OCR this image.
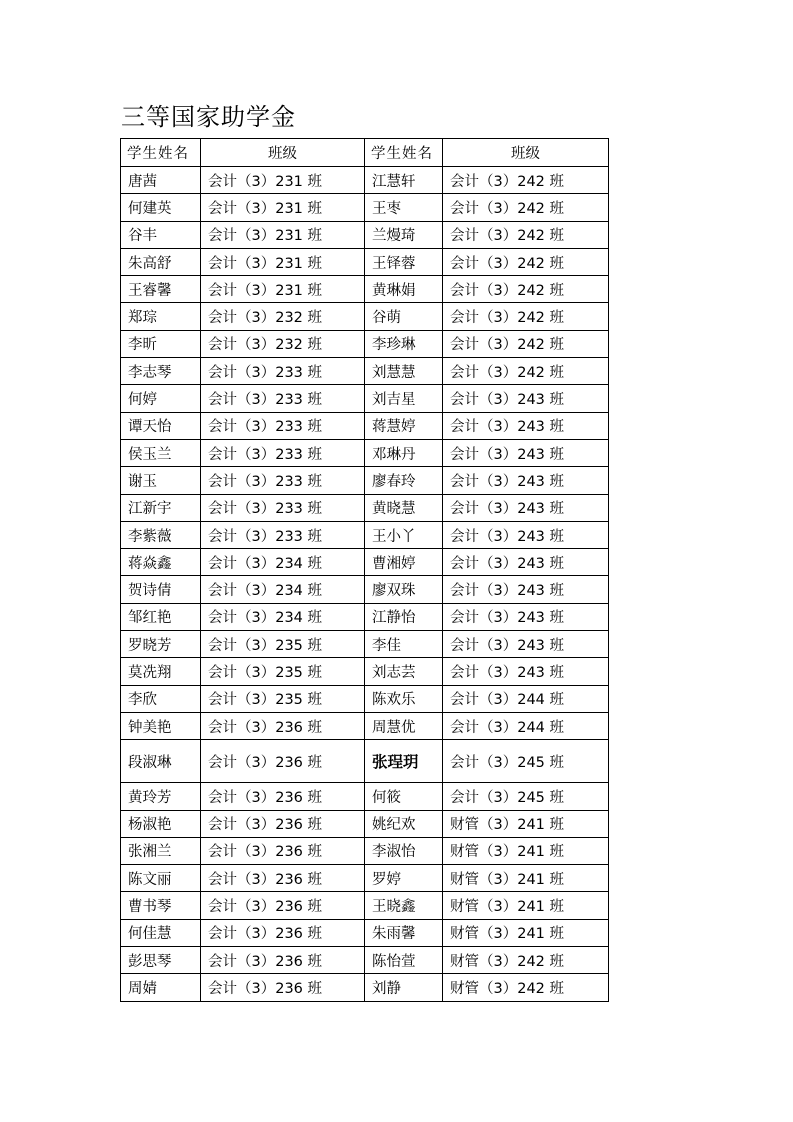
三等国家助学金
学生姓名	班级	学生姓名	班级
唐茜	会计（3）231 班	江慧轩	会计（3）242 班
何建英	会计（3）231 班	王枣	会计（3）242 班
谷丰	会计（3）231 班	兰熳琦	会计（3）242 班
朱高舒	会计（3）231 班	王铎蓉	会计（3）242 班
王睿馨	会计（3）231 班	黄琳娟	会计（3）242 班
郑琮	会计（3）232 班	谷萌	会计（3）242 班
李昕	会计（3）232 班	李珍琳	会计（3）242 班
李志琴	会计（3）233 班	刘慧慧	会计（3）242 班
何婷	会计（3）233 班	刘吉星	会计（3）243 班
谭天怡	会计（3）233 班	蒋慧婷	会计（3）243 班
侯玉兰	会计（3）233 班	邓琳丹	会计（3）243 班
谢玉	会计（3）233 班	廖春玲	会计（3）243 班
江新宇	会计（3）233 班	黄晓慧	会计（3）243 班
李紫薇	会计（3）233 班	王小丫	会计（3）243 班
蒋焱鑫	会计（3）234 班	曹湘婷	会计（3）243 班
贺诗倩	会计（3）234 班	廖双珠	会计（3）243 班
邹红艳	会计（3）234 班	江静怡	会计（3）243 班
罗晓芳	会计（3）235 班	李佳	会计（3）243 班
莫冼翔	会计（3）235 班	刘志芸	会计（3）243 班
李欣	会计（3）235 班	陈欢乐	会计（3）244 班
钟美艳	会计（3）236 班	周慧优	会计（3）244 班
段淑琳	会计（3）236 班	张珵玥	会计（3）245 班
黄玲芳	会计（3）236 班	何筱	会计（3）245 班
杨淑艳	会计（3）236 班	姚纪欢	财管（3）241 班
张湘兰	会计（3）236 班	李淑怡	财管（3）241 班
陈文丽	会计（3）236 班	罗婷	财管（3）241 班
曹书琴	会计（3）236 班	王晓鑫	财管（3）241 班
何佳慧	会计（3）236 班	朱雨馨	财管（3）241 班
彭思琴	会计（3）236 班	陈怡萱	财管（3）242 班
周婧	会计（3）236 班	刘静	财管（3）242 班
